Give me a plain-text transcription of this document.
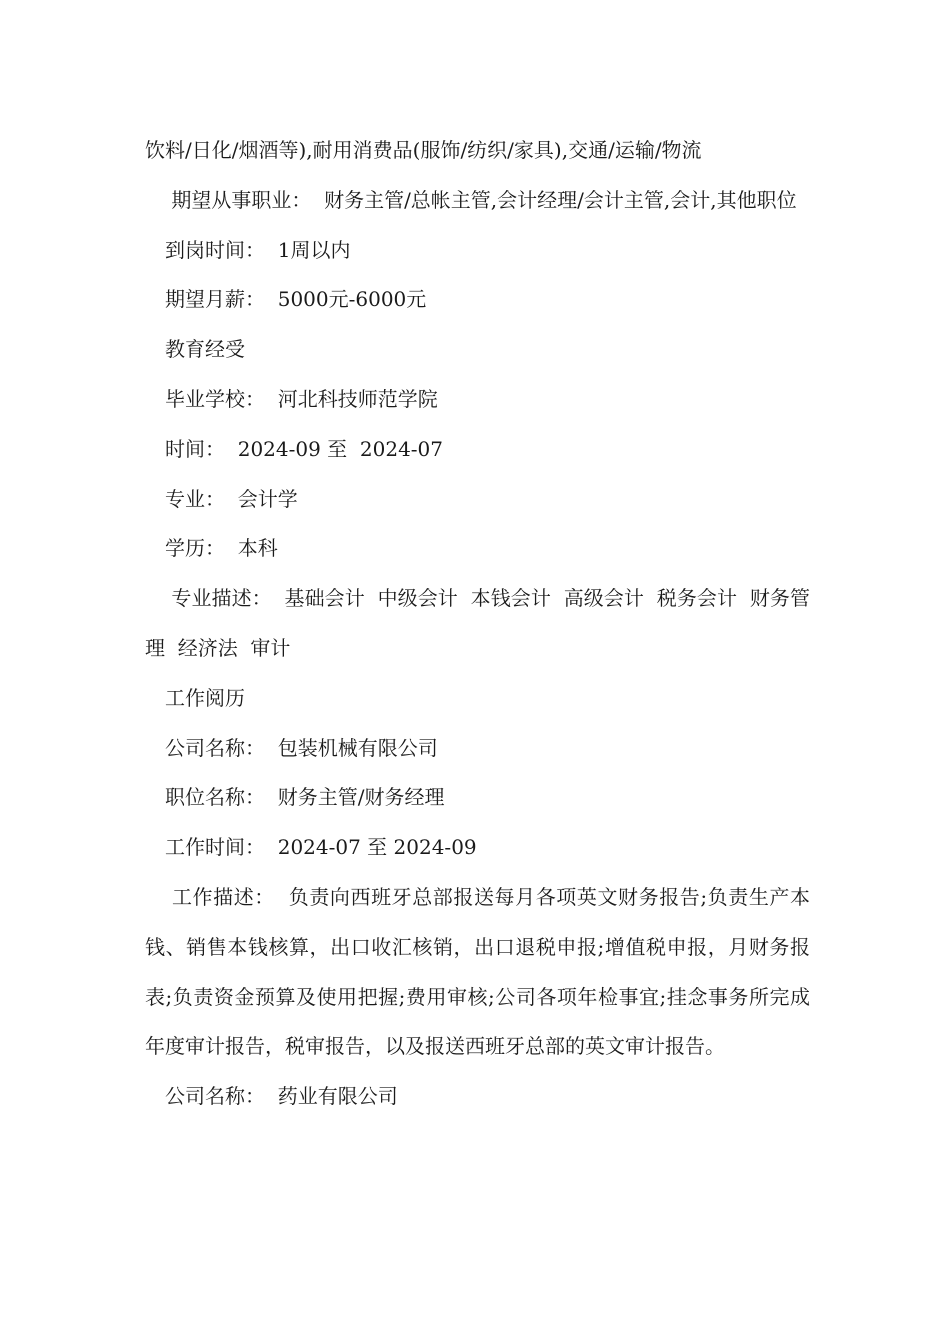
饮料/日化/烟酒等),耐用消费品(服饰/纺织/家具),交通/运输/物流

期望从事职业：  财务主管/总帐主管,会计经理/会计主管,会计,其他职位

到岗时间：  1周以内

期望月薪：  5000元-6000元

教育经受

毕业学校：  河北科技师范学院

时间：  2024-09 至  2024-07

专业：  会计学

学历：  本科

专业描述：  基础会计  中级会计  本钱会计  高级会计  税务会计  财务管理  经济法  审计

工作阅历

公司名称：  包装机械有限公司

职位名称：  财务主管/财务经理

工作时间：  2024-07 至 2024-09

工作描述：  负责向西班牙总部报送每月各项英文财务报告;负责生产本钱、销售本钱核算，出口收汇核销，出口退税申报;增值税申报，月财务报表;负责资金预算及使用把握;费用审核;公司各项年检事宜;挂念事务所完成年度审计报告，税审报告，以及报送西班牙总部的英文审计报告。

公司名称：  药业有限公司
